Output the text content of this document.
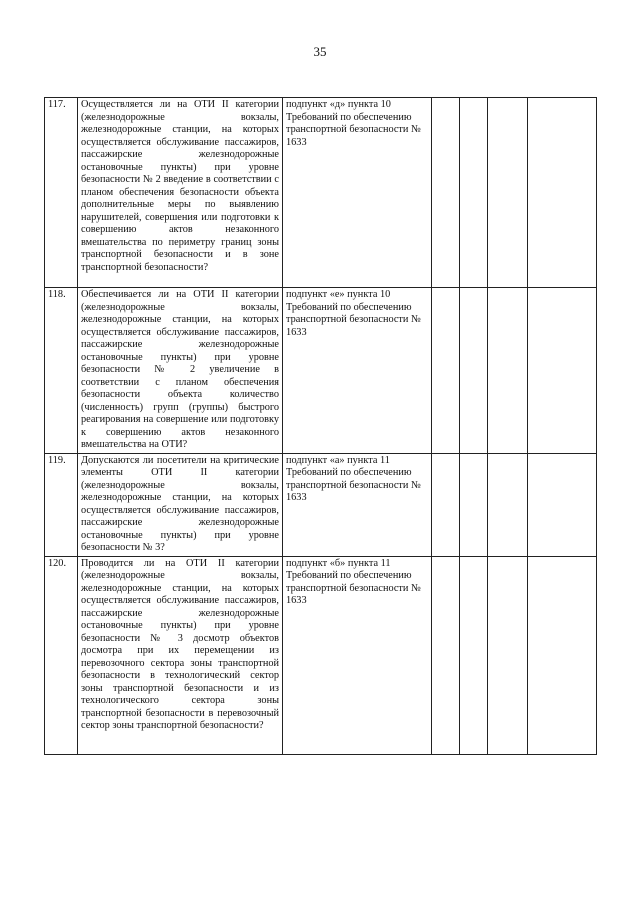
35
117.	Осуществляется ли на ОТИ II категории (железнодорожные вокзалы, железнодорожные станции, на которых осуществляется обслуживание пассажиров, пассажирские железнодорожные остановочные пункты) при уровне безопасности № 2 введение в соответствии с планом обеспечения безопасности объекта дополнительные меры по выявлению нарушителей, совершения или подготовки к совершению актов незаконного вмешательства по периметру границ зоны транспортной безопасности и в зоне транспортной безопасности?	подпункт «д» пункта 10 Требований по обеспечению транспортной безопасности № 1633				
118.	Обеспечивается ли на ОТИ II категории (железнодорожные вокзалы, железнодорожные станции, на которых осуществляется обслуживание пассажиров, пассажирские железнодорожные остановочные пункты) при уровне безопасности № 2 увеличение в соответствии с планом обеспечения безопасности объекта количество (численность) групп (группы) быстрого реагирования на совершение или подготовку к совершению актов незаконного вмешательства на ОТИ?	подпункт «е» пункта 10 Требований по обеспечению транспортной безопасности № 1633				
119.	Допускаются ли посетители на критические элементы ОТИ II категории (железнодорожные вокзалы, железнодорожные станции, на которых осуществляется обслуживание пассажиров, пассажирские железнодорожные остановочные пункты) при уровне безопасности № 3?	подпункт «а» пункта 11 Требований по обеспечению транспортной безопасности № 1633				
120.	Проводится ли на ОТИ II категории (железнодорожные вокзалы, железнодорожные станции, на которых осуществляется обслуживание пассажиров, пассажирские железнодорожные остановочные пункты) при уровне безопасности № 3 досмотр объектов досмотра при их перемещении из перевозочного сектора зоны транспортной безопасности в технологический сектор зоны транспортной безопасности и из технологического сектора зоны транспортной безопасности в перевозочный сектор зоны транспортной безопасности?	подпункт «б» пункта 11 Требований по обеспечению транспортной безопасности № 1633				
